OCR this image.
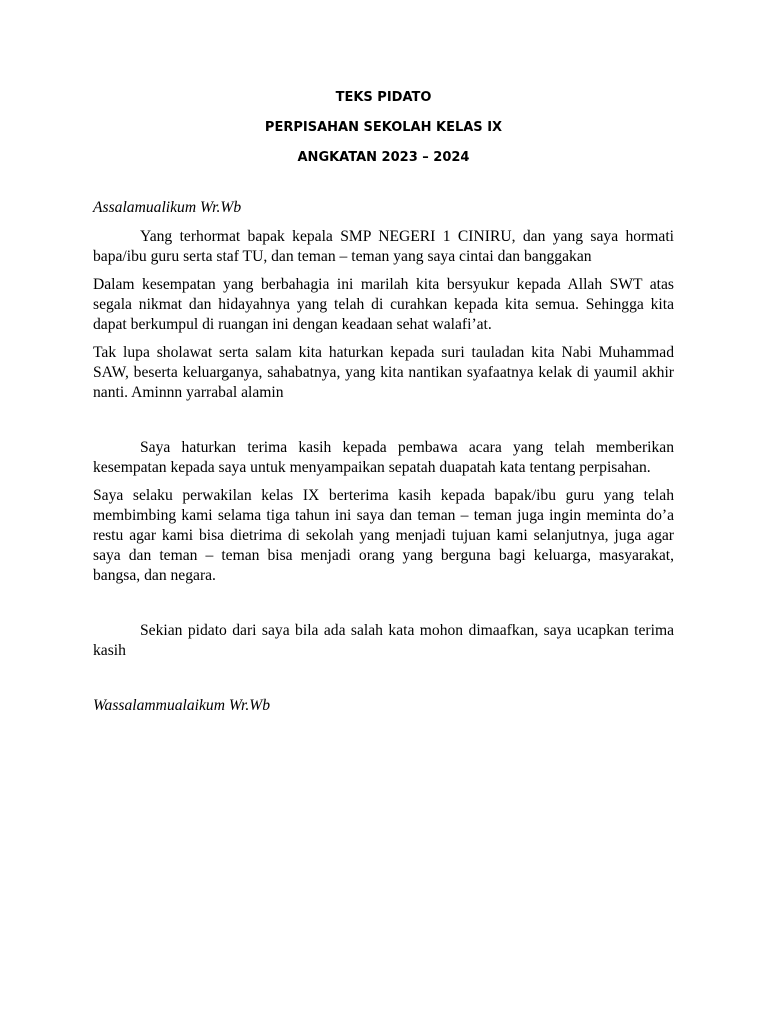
TEKS PIDATO
PERPISAHAN SEKOLAH KELAS IX
ANGKATAN 2023 – 2024

Assalamualikum Wr.Wb

Yang terhormat bapak kepala SMP NEGERI 1 CINIRU, dan yang saya hormati bapa/ibu guru serta staf TU, dan teman – teman yang saya cintai dan banggakan

Dalam kesempatan yang berbahagia ini marilah kita bersyukur kepada Allah SWT atas segala nikmat dan hidayahnya yang telah di curahkan kepada kita semua. Sehingga kita dapat berkumpul di ruangan ini dengan keadaan sehat walafi’at.

Tak lupa sholawat serta salam kita haturkan kepada suri tauladan kita Nabi Muhammad SAW, beserta keluarganya, sahabatnya, yang kita nantikan syafaatnya kelak di yaumil akhir nanti. Aminnn yarrabal alamin

Saya haturkan terima kasih kepada pembawa acara yang telah memberikan kesempatan kepada saya untuk menyampaikan sepatah duapatah kata tentang perpisahan.

Saya selaku perwakilan kelas IX berterima kasih kepada bapak/ibu guru yang telah membimbing kami selama tiga tahun ini saya dan teman – teman juga ingin meminta do’a restu agar kami bisa dietrima di sekolah yang menjadi tujuan kami selanjutnya, juga agar saya dan teman – teman bisa menjadi orang yang berguna bagi keluarga, masyarakat, bangsa, dan negara.

Sekian pidato dari saya bila ada salah kata mohon dimaafkan, saya ucapkan terima kasih

Wassalammualaikum Wr.Wb
